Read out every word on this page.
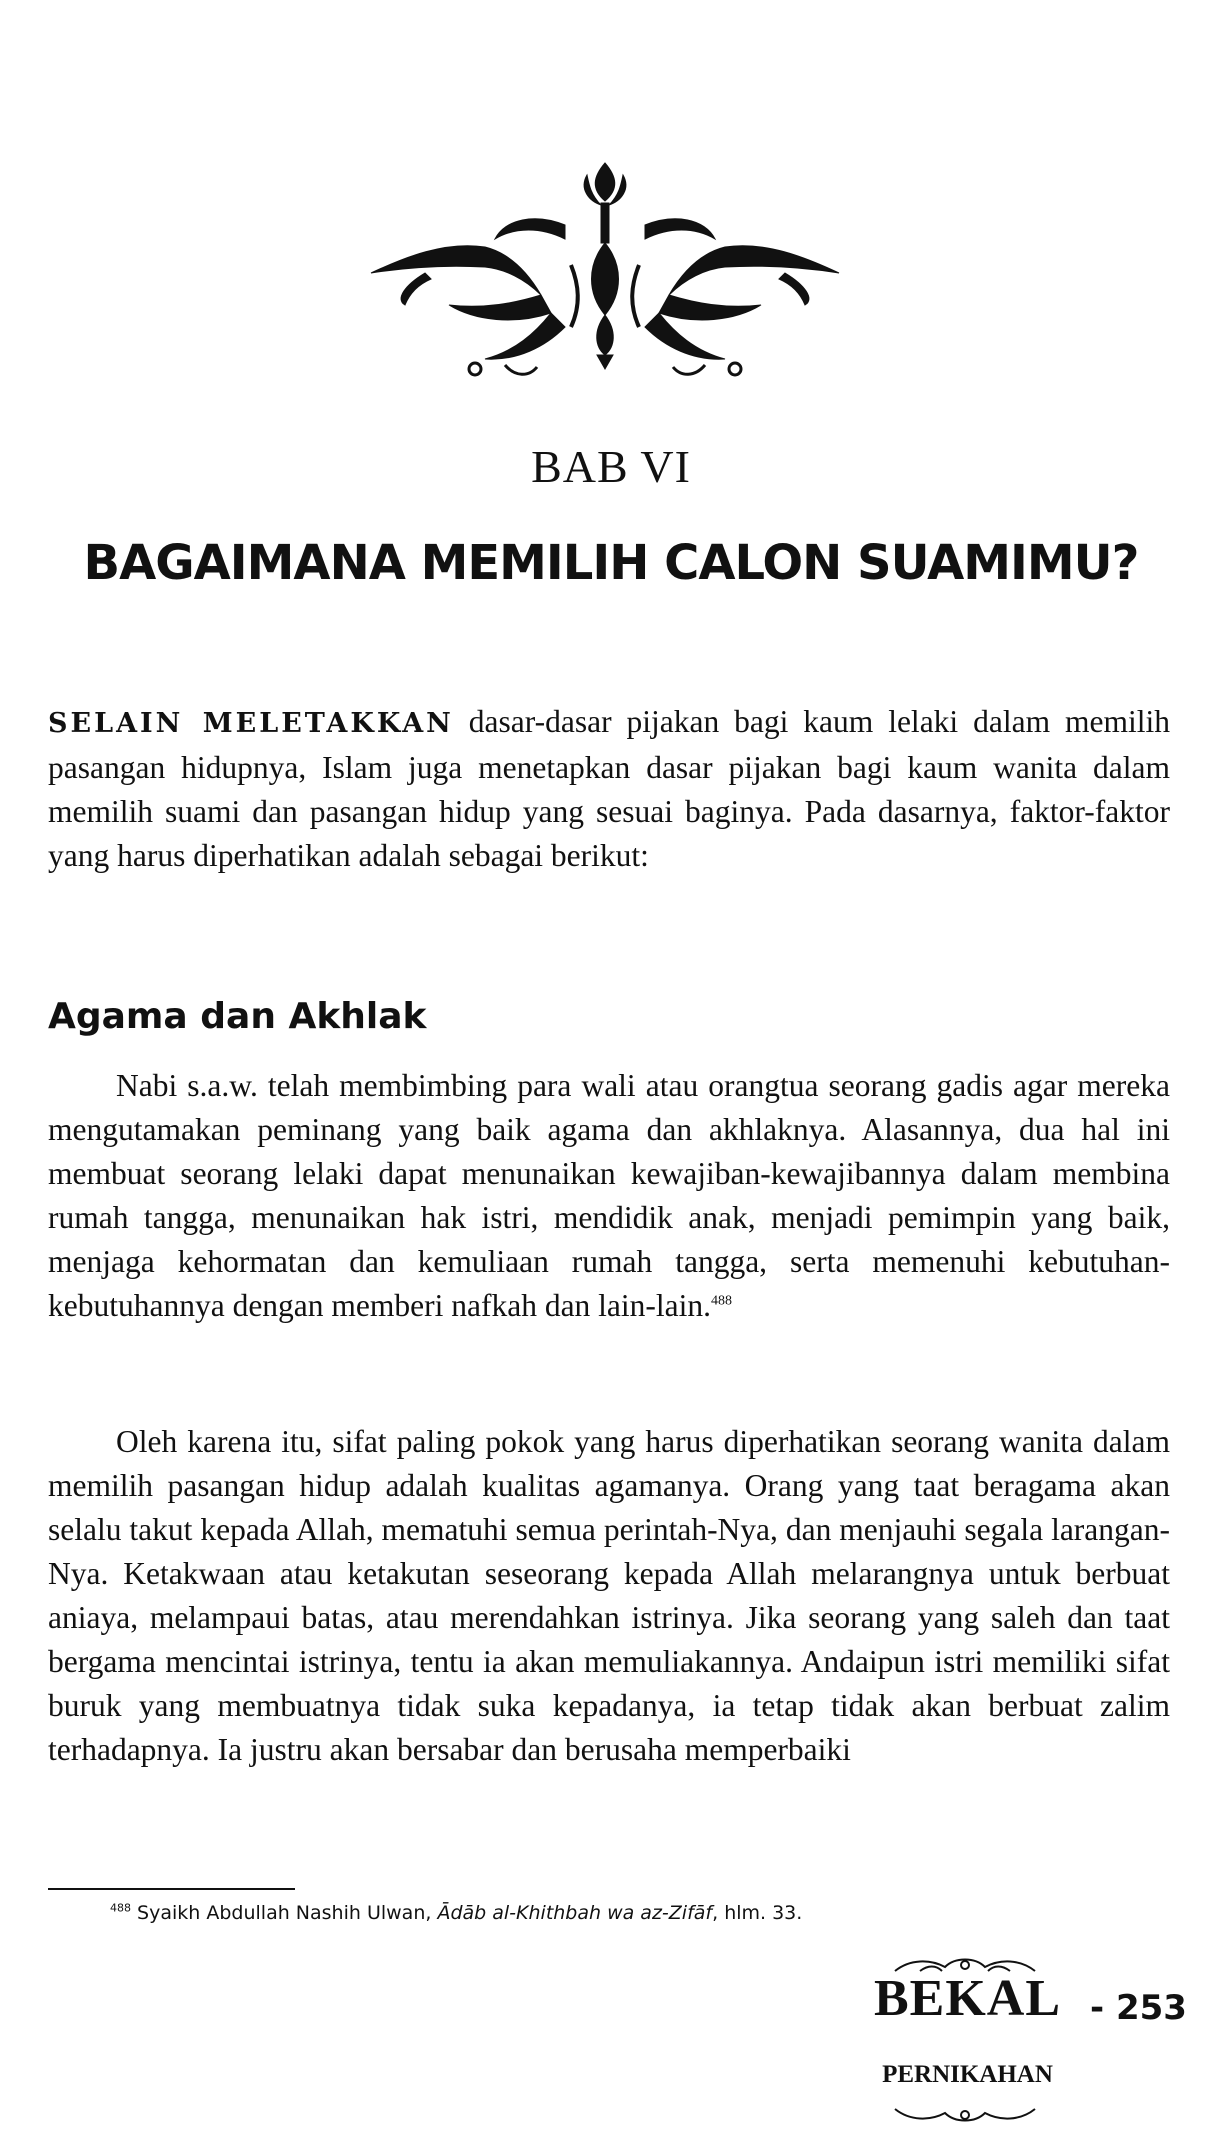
BAB VI
BAGAIMANA MEMILIH CALON SUAMIMU?
SELAIN MELETAKKAN dasar-dasar pijakan bagi kaum lelaki dalam memilih pasangan hidupnya, Islam juga menetapkan dasar pijakan bagi kaum wanita dalam memilih suami dan pasangan hidup yang sesuai baginya. Pada dasarnya, faktor-faktor yang harus diperhatikan adalah sebagai berikut:
Agama dan Akhlak
Nabi s.a.w. telah membimbing para wali atau orangtua seorang gadis agar mereka mengutamakan peminang yang baik agama dan akhlaknya. Alasannya, dua hal ini membuat seorang lelaki dapat menunaikan kewajiban-kewajibannya dalam membina rumah tangga, menunaikan hak istri, mendidik anak, menjadi pemimpin yang baik, menjaga kehormatan dan kemuliaan rumah tangga, serta memenuhi kebutuhan-kebutuhannya dengan memberi nafkah dan lain-lain.$^{488}$
Oleh karena itu, sifat paling pokok yang harus diperhatikan seorang wanita dalam memilih pasangan hidup adalah kualitas agamanya. Orang yang taat beragama akan selalu takut kepada Allah, mematuhi semua perintah-Nya, dan menjauhi segala larangan-Nya. Ketakwaan atau ketakutan seseorang kepada Allah melarangnya untuk berbuat aniaya, melampaui batas, atau merendahkan istrinya. Jika seorang yang saleh dan taat bergama mencintai istrinya, tentu ia akan memuliakannya. Andaipun istri memiliki sifat buruk yang membuatnya tidak suka kepadanya, ia tetap tidak akan berbuat zalim terhadapnya. Ia justru akan bersabar dan berusaha memperbaiki
$^{488}$ Syaikh Abdullah Nashih Ulwan, Ādāb al-Khithbah wa az-Zifāf, hlm. 33.
BEKAL
PERNIKAHAN
- 253
